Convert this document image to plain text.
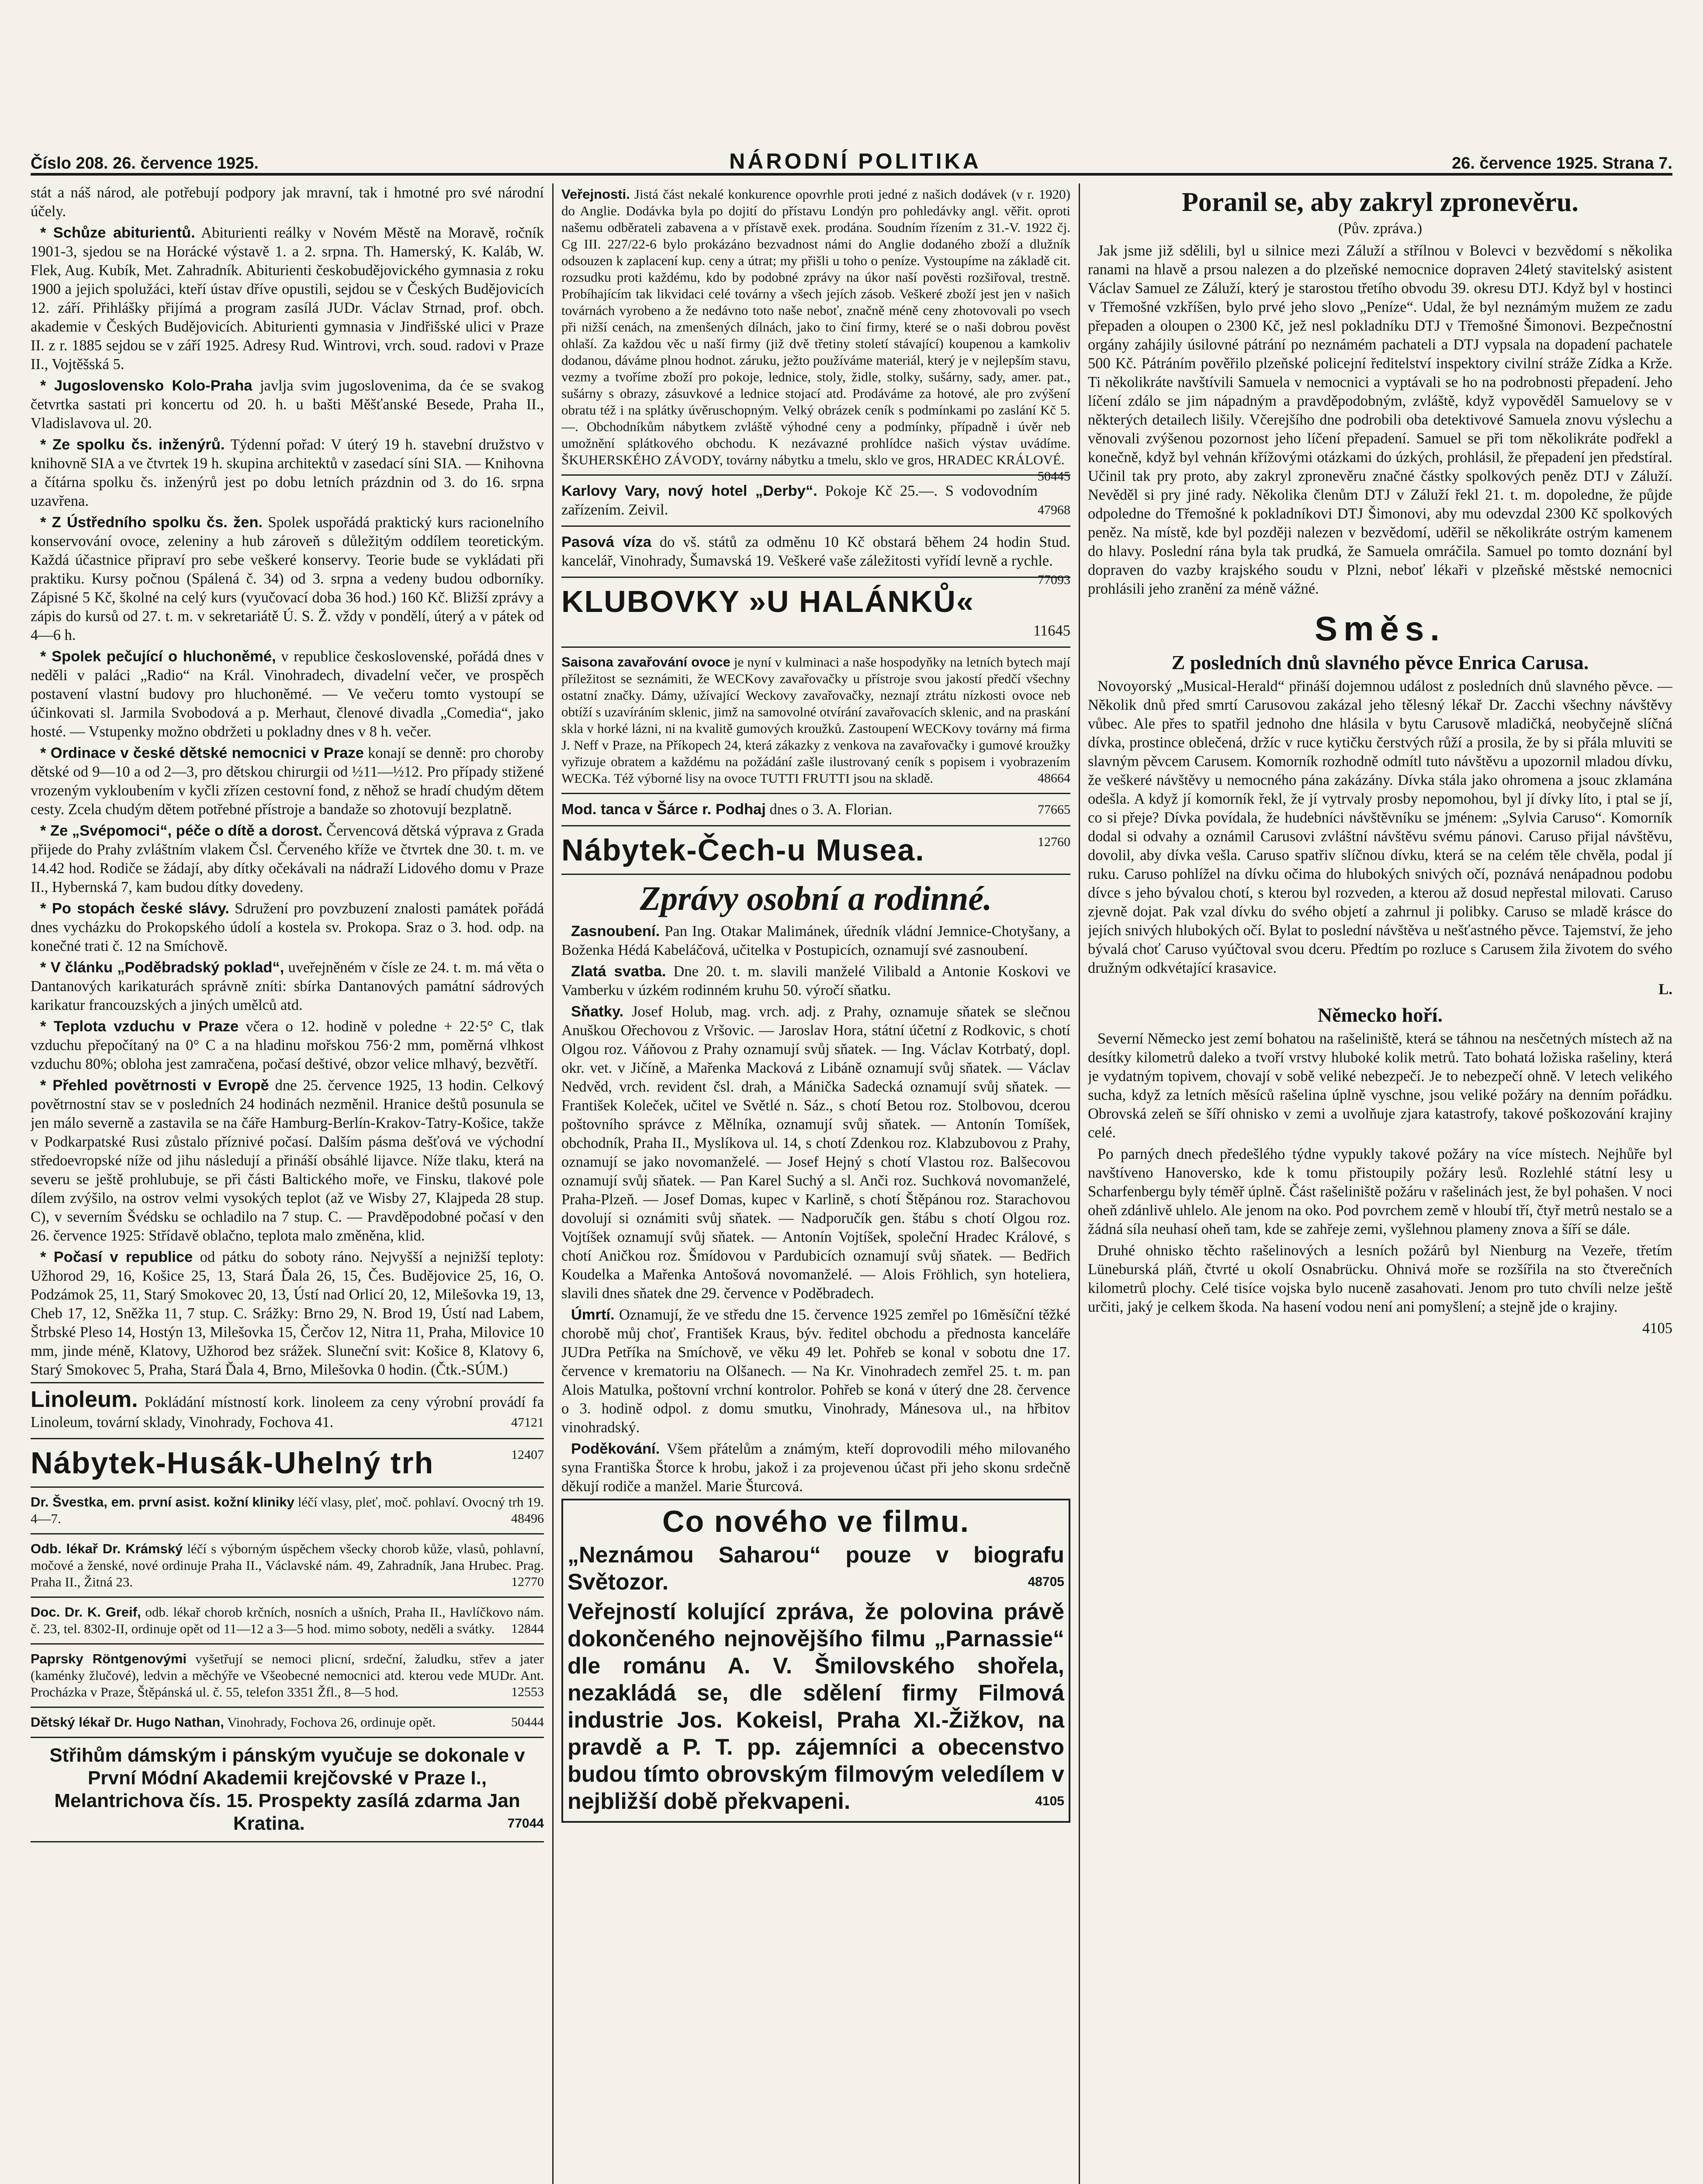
Číslo 208. 26. července 1925.	NÁRODNÍ POLITIKA	26. července 1925. Strana 7.

stát a náš národ, ale potřebují podpory jak mravní, tak i hmotné pro své národní účely.

* Schůze abiturientů. Abiturienti reálky v Novém Městě na Moravě, ročník 1901-3, sjedou se na Horácké výstavě 1. a 2. srpna. Th. Hamerský, K. Kaláb, W. Flek, Aug. Kubík, Met. Zahradník. Abiturienti českobudějovického gymnasia z roku 1900 a jejich spolužáci, kteří ústav dříve opustili, sejdou se v Českých Budějovicích 12. září. Přihlášky přijímá a program zasílá JUDr. Václav Strnad, prof. obch. akademie v Českých Budějovicích. Abiturienti gymnasia v Jindřišské ulici v Praze II. z r. 1885 sejdou se v září 1925. Adresy Rud. Wintrovi, vrch. soud. radovi v Praze II., Vojtěšská 5.

* Jugoslovensko Kolo-Praha javlja svim jugoslovenima, da će se svakog četvrtka sastati pri koncertu od 20. h. u bašti Měšťanské Besede, Praha II., Vladislavova ul. 20.

* Ze spolku čs. inženýrů. Týdenní pořad: V úterý 19 h. stavební družstvo v knihovně SIA a ve čtvrtek 19 h. skupina architektů v zasedací síni SIA. — Knihovna a čítárna spolku čs. inženýrů jest po dobu letních prázdnin od 3. do 16. srpna uzavřena.

* Z Ústředního spolku čs. žen. Spolek uspořádá praktický kurs racionelního konservování ovoce, zeleniny a hub zároveň s důležitým oddílem teoretickým. Každá účastnice připraví pro sebe veškeré konservy. Teorie bude se vykládati při praktiku. Kursy počnou (Spálená č. 34) od 3. srpna a vedeny budou odborníky. Zápisné 5 Kč, školné na celý kurs (vyučovací doba 36 hod.) 160 Kč. Bližší zprávy a zápis do kursů od 27. t. m. v sekretariátě Ú. S. Ž. vždy v pondělí, úterý a v pátek od 4—6 h.

* Spolek pečující o hluchoněmé, v republice československé, pořádá dnes v neděli v paláci „Radio“ na Král. Vinohradech, divadelní večer, ve prospěch postavení vlastní budovy pro hluchoněmé. — Ve večeru tomto vystoupí se účinkovati sl. Jarmila Svobodová a p. Merhaut, členové divadla „Comedia“, jako hosté. — Vstupenky možno obdržeti u pokladny dnes v 8 h. večer.

* Ordinace v české dětské nemocnici v Praze konají se denně: pro choroby dětské od 9—10 a od 2—3, pro dětskou chirurgii od ½11—½12. Pro případy stižené vrozeným vykloubením v kyčli zřízen cestovní fond, z něhož se hradí chudým dětem cesty. Zcela chudým dětem potřebné přístroje a bandaže so zhotovují bezplatně.

* Ze „Svépomoci“, péče o dítě a dorost. Červencová dětská výprava z Grada přijede do Prahy zvláštním vlakem Čsl. Červeného kříže ve čtvrtek dne 30. t. m. ve 14.42 hod. Rodiče se žádají, aby dítky očekávali na nádraží Lidového domu v Praze II., Hybernská 7, kam budou dítky dovedeny.

* Po stopách české slávy. Sdružení pro povzbuzení znalosti památek pořádá dnes vycházku do Prokopského údolí a kostela sv. Prokopa. Sraz o 3. hod. odp. na konečné trati č. 12 na Smíchově.

* V článku „Poděbradský poklad“, uveřejněném v čísle ze 24. t. m. má věta o Dantanových karikaturách správně zníti: sbírka Dantanových památní sádrových karikatur francouzských a jiných umělců atd.

* Teplota vzduchu v Praze včera o 12. hodině v poledne + 22·5° C, tlak vzduchu přepočítaný na 0° C a na hladinu mořskou 756·2 mm, poměrná vlhkost vzduchu 80%; obloha jest zamračena, počasí deštivé, obzor velice mlhavý, bezvětří.

* Přehled povětrnosti v Evropě dne 25. července 1925, 13 hodin. Celkový povětrnostní stav se v posledních 24 hodinách nezměnil. Hranice deštů posunula se jen málo severně a zastavila se na čáře Hamburg-Berlín-Krakov-Tatry-Košice, takže v Podkarpatské Rusi zůstalo příznivé počasí. Dalším pásma dešťová ve východní středoevropské níže od jihu následují a přináší obsáhlé lijavce. Níže tlaku, která na severu se ještě prohlubuje, se při části Baltického moře, ve Finsku, tlakové pole dílem zvýšilo, na ostrov velmi vysokých teplot (až ve Wisby 27, Klajpeda 28 stup. C), v severním Švédsku se ochladilo na 7 stup. C. — Pravděpodobné počasí v den 26. července 1925: Střídavě oblačno, teplota malo změněna, klid.

* Počasí v republice od pátku do soboty ráno. Nejvyšší a nejnižší teploty: Užhorod 29, 16, Košice 25, 13, Stará Ďala 26, 15, Čes. Budějovice 25, 16, O. Podzámok 25, 11, Starý Smokovec 20, 13, Ústí nad Orlicí 20, 12, Milešovka 19, 13, Cheb 17, 12, Sněžka 11, 7 stup. C. Srážky: Brno 29, N. Brod 19, Ústí nad Labem, Štrbské Pleso 14, Hostýn 13, Milešovka 15, Čerčov 12, Nitra 11, Praha, Milovice 10 mm, jinde méně, Klatovy, Užhorod bez srážek. Sluneční svit: Košice 8, Klatovy 6, Starý Smokovec 5, Praha, Stará Ďala 4, Brno, Milešovka 0 hodin. (Čtk.-SÚM.)

Linoleum. Pokládání místností kork. linoleem za ceny výrobní provádí fa Linoleum, tovární sklady, Vinohrady, Fochova 41.	47121

Nábytek-Husák-Uhelný trh	12407

Dr. Švestka, em. první asist. kožní kliniky léčí vlasy, pleť, moč. pohlaví. Ovocný trh 19. 4—7.	48496

Odb. lékař Dr. Krámský léčí s výborným úspěchem všecky chorob kůže, vlasů, pohlavní, močové a ženské, nové ordinuje Praha II., Václavské nám. 49, Zahradník, Jana Hrubec. Prag. Praha II., Žitná 23.	12770

Doc. Dr. K. Greif, odb. lékař chorob krčních, nosních a ušních, Praha II., Havlíčkovo nám. č. 23, tel. 8302-II, ordinuje opět od 11—12 a 3—5 hod. mimo soboty, neděli a svátky. 12844

Paprsky Röntgenovými vyšetřují se nemoci plicní, srdeční, žaludku, střev a jater (kaménky žlučové), ledvin a měchýře ve Všeobecné nemocnici atd. kterou vede MUDr. Ant. Procházka v Praze, Štěpánská ul. č. 55, telefon 3351 Žfl., 8—5 hod.	12553

Dětský lékař Dr. Hugo Nathan, Vinohrady, Fochova 26, ordinuje opět.	50444

Střihům dámským i pánským vyučuje se dokonale v První Módní Akademii krejčovské v Praze I., Melantrichova čís. 15. Prospekty zasílá zdarma Jan Kratina.	77044

Veřejnosti. Jistá část nekalé konkurence opovrhle proti jedné z našich dodávek (v r. 1920) do Anglie. Dodávka byla po dojití do přístavu Londýn pro pohledávky angl. věřit. oproti našemu odběrateli zabavena a v přístavě exek. prodána. Soudním řízením z 31.-V. 1922 čj. Cg III. 227/22-6 bylo prokázáno bezvadnost námi do Anglie dodaného zboží a dlužník odsouzen k zaplacení kup. ceny a útrat; my přišli u toho o peníze. Vystoupíme na základě cit. rozsudku proti každému, kdo by podobné zprávy na úkor naší pověsti rozšiřoval, trestně. Probíhajícím tak likvidaci celé továrny a všech jejích zásob. Veškeré zboží jest jen v našich továrnách vyrobeno a že nedávno toto naše neboť, značně méně ceny zhotovovali po vsech při nižší cenách, na zmenšených dílnách, jako to činí firmy, které se o naši dobrou pověst ohlaší. Za každou věc u naší firmy (již dvě třetiny století stávající) koupenou a kamkoliv dodanou, dáváme plnou hodnot. záruku, ježto používáme materiál, který je v nejlepším stavu, vezmy a tvoříme zboží pro pokoje, lednice, stoly, židle, stolky, sušárny, sady, amer. pat., sušárny s obrazy, zásuvkové a lednice stojací atd. Prodáváme za hotové, ale pro zvýšení obratu též i na splátky úvěruschopným. Velký obrázek ceník s podmínkami po zaslání Kč 5.—. Obchodníkům nábytkem zvláště výhodné ceny a podmínky, případně i úvěr neb umožnění splátkového obchodu. K nezávazné prohlídce našich výstav uvádíme. ŠKUHERSKÉHO ZÁVODY, továrny nábytku a tmelu, sklo ve gros, HRADEC KRÁLOVÉ.
50445

Karlovy Vary, nový hotel „Derby“. Pokoje Kč 25.—. S vodovodním zařízením. Zeivil.	47968

Pasová víza do vš. států za odměnu 10 Kč obstará během 24 hodin Stud. kancelář, Vinohrady, Šumavská 19. Veškeré vaše záležitosti vyřídí levně a rychle.
77093

KLUBOVKY »U HALÁNKŮ«

11645

Saisona zavařování ovoce je nyní v kulminaci a naše hospodyňky na letních bytech mají příležitost se seznámiti, že WECKovy zavařovačky u přístroje svou jakostí předčí všechny ostatní značky. Dámy, užívající Weckovy zavařovačky, neznají ztrátu nízkosti ovoce neb obtíží s uzavíráním sklenic, jimž na samovolné otvírání zavařovacích sklenic, and na praskání skla v horké lázni, ni na kvalitě gumových kroužků. Zastoupení WECKovy továrny má firma J. Neff v Praze, na Příkopech 24, která zákazky z venkova na zavařovačky i gumové kroužky vyřizuje obratem a každému na požádání zašle ilustrovaný ceník s popisem i vyobrazením WECKa. Též výborné lisy na ovoce TUTTI FRUTTI jsou na skladě.	48664

Mod. tanca v Šárce r. Podhaj dnes o 3. A. Florian.	77665

Nábytek-Čech-u Musea.	12760

Zprávy osobní a rodinné.

Zasnoubení. Pan Ing. Otakar Malimánek, úředník vládní Jemnice-Chotyšany, a Boženka Hédá Kabeláčová, učitelka v Postupicích, oznamují své zasnoubení.

Zlatá svatba. Dne 20. t. m. slavili manželé Vilibald a Antonie Koskovi ve Vamberku v úzkém rodinném kruhu 50. výročí sňatku.

Sňatky. Josef Holub, mag. vrch. adj. z Prahy, oznamuje sňatek se slečnou Anuškou Ořechovou z Vršovic. — Jaroslav Hora, státní účetní z Rodkovic, s chotí Olgou roz. Váňovou z Prahy oznamují svůj sňatek. — Ing. Václav Kotrbatý, dopl. okr. vet. v Jičíně, a Mařenka Macková z Libáně oznamují svůj sňatek. — Václav Nedvěd, vrch. revident čsl. drah, a Mánička Sadecká oznamují svůj sňatek. — František Koleček, učitel ve Světlé n. Sáz., s chotí Betou roz. Stolbovou, dcerou poštovního správce z Mělníka, oznamují svůj sňatek. — Antonín Tomíšek, obchodník, Praha II., Myslíkova ul. 14, s chotí Zdenkou roz. Klabzubovou z Prahy, oznamují se jako novomanželé. — Josef Hejný s chotí Vlastou roz. Balšecovou oznamují svůj sňatek. — Pan Karel Suchý a sl. Anči roz. Suchková novomanželé, Praha-Plzeň. — Josef Domas, kupec v Karlině, s chotí Štěpánou roz. Starachovou dovolují si oznámiti svůj sňatek. — Nadporučík gen. štábu s chotí Olgou roz. Vojtíšek oznamují svůj sňatek. — Antonín Vojtíšek, společní Hradec Králové, s chotí Aničkou roz. Šmídovou v Pardubicích oznamují svůj sňatek. — Bedřich Koudelka a Mařenka Antošová novomanželé. — Alois Fröhlich, syn hoteliera, slavili dnes sňatek dne 29. července v Poděbradech.

Úmrtí. Oznamují, že ve středu dne 15. července 1925 zemřel po 16měsíční těžké chorobě můj choť, František Kraus, býv. ředitel obchodu a přednosta kanceláře JUDra Petříka na Smíchově, ve věku 49 let. Pohřeb se konal v sobotu dne 17. července v krematoriu na Olšanech. — Na Kr. Vinohradech zemřel 25. t. m. pan Alois Matulka, poštovní vrchní kontrolor. Pohřeb se koná v úterý dne 28. července o 3. hodině odpol. z domu smutku, Vinohrady, Mánesova ul., na hřbitov vinohradský.

Poděkování. Všem přátelům a známým, kteří doprovodili mého milovaného syna Františka Štorce k hrobu, jakož i za projevenou účast při jeho skonu srdečně děkují rodiče a manžel. Marie Šturcová.

Co nového ve filmu.

„Neznámou Saharou“ pouze v biografu Světozor.	48705

Veřejností kolující zpráva, že polovina právě dokončeného nejnovějšího filmu „Parnassie“ dle románu A. V. Šmilovského shořela, nezakládá se, dle sdělení firmy Filmová industrie Jos. Kokeisl, Praha XI.-Žižkov, na pravdě a P. T. pp. zájemníci a obecenstvo budou tímto obrovským filmovým veledílem v nejbližší době překvapeni.	4105

Poranil se, aby zakryl zpronevěru.

(Pův. zpráva.)

Jak jsme již sdělili, byl u silnice mezi Záluží a střílnou v Bolevci v bezvědomí s několika ranami na hlavě a prsou nalezen a do plzeňské nemocnice dopraven 24letý stavitelský asistent Václav Samuel ze Záluží, který je starostou třetího obvodu 39. okresu DTJ. Když byl v hostinci v Třemošné vzkříšen, bylo prvé jeho slovo „Peníze“. Udal, že byl neznámým mužem ze zadu přepaden a oloupen o 2300 Kč, jež nesl pokladníku DTJ v Třemošné Šimonovi. Bezpečnostní orgány zahájily úsilovné pátrání po neznámém pachateli a DTJ vypsala na dopadení pachatele 500 Kč. Pátráním pověřilo plzeňské policejní ředitelství inspektory civilní stráže Zídka a Krže. Ti několikráte navštívili Samuela v nemocnici a vyptávali se ho na podrobnosti přepadení. Jeho líčení zdálo se jim nápadným a pravděpodobným, zvláště, když vypověděl Samuelovy se v některých detailech lišily. Včerejšího dne podrobili oba detektivové Samuela znovu výslechu a věnovali zvýšenou pozornost jeho líčení přepadení. Samuel se při tom několikráte podřekl a konečně, když byl vehnán křížovými otázkami do úzkých, prohlásil, že přepadení jen předstíral. Učinil tak pry proto, aby zakryl zpronevěru značné částky spolkových peněz DTJ v Záluží. Nevěděl si pry jiné rady. Několika členům DTJ v Záluží řekl 21. t. m. dopoledne, že půjde odpoledne do Třemošné k pokladníkovi DTJ Šimonovi, aby mu odevzdal 2300 Kč spolkových peněz. Na místě, kde byl později nalezen v bezvědomí, uděřil se několikráte ostrým kamenem do hlavy. Poslední rána byla tak prudká, že Samuela omráčila. Samuel po tomto doznání byl dopraven do vazby krajského soudu v Plzni, neboť lékaři v plzeňské městské nemocnici prohlásili jeho zranění za méně vážné.

Směs.
Z posledních dnů slavného pěvce Enrica Carusa.

Novoyorský „Musical-Herald“ přináší dojemnou událost z posledních dnů slavného pěvce. — Několik dnů před smrtí Carusovou zakázal jeho tělesný lékař Dr. Zacchi všechny návštěvy vůbec. Ale přes to spatřil jednoho dne hlásila v bytu Carusově mladičká, neobyčejně slíčná dívka, prostince oblečená, držíc v ruce kytičku čerstvých růží a prosila, že by si přála mluviti se slavným pěvcem Carusem. Komorník rozhodně odmítl tuto návštěvu a upozornil mladou dívku, že veškeré návštěvy u nemocného pána zakázány. Dívka stála jako ohromena a jsouc zklamána odešla. A když jí komorník řekl, že jí vytrvaly prosby nepomohou, byl jí dívky líto, i ptal se jí, co si přeje? Dívka povídala, že hudebníci návštěvníku se jménem: „Sylvia Caruso“. Komorník dodal si odvahy a oznámil Carusovi zvláštní návštěvu svému pánovi. Caruso přijal návštěvu, dovolil, aby dívka vešla. Caruso spatřiv slíčnou dívku, která se na celém těle chvěla, podal jí ruku. Caruso pohlížel na dívku očima do hlubokých snivých očí, poznává nenápadnou podobu dívce s jeho bývalou chotí, s kterou byl rozveden, a kterou až dosud nepřestal milovati. Caruso zjevně dojat. Pak vzal dívku do svého objetí a zahrnul ji polibky. Caruso se mladě krásce do jejích snivých hlubokých očí. Bylat to poslední návštěva u nešťastného pěvce. Tajemství, že jeho bývalá choť Caruso vyúčtoval svou dceru. Předtím po rozluce s Carusem žila životem do svého družným odkvétající krasavice.

L.

Německo hoří.

Severní Německo jest zemí bohatou na rašeliniště, která se táhnou na nesčetných místech až na desítky kilometrů daleko a tvoří vrstvy hluboké kolik metrů. Tato bohatá ložiska rašeliny, která je vydatným topivem, chovají v sobě veliké nebezpečí. Je to nebezpečí ohně. V letech velikého sucha, když za letních měsíců rašelina úplně vyschne, jsou veliké požáry na denním pořádku. Obrovská zeleň se šíří ohnisko v zemi a uvolňuje zjara katastrofy, takové poškozování krajiny celé.

Po parných dnech předešlého týdne vypukly takové požáry na více místech. Nejhůře byl navštíveno Hanoversko, kde k tomu přistoupily požáry lesů. Rozlehlé státní lesy u Scharfenbergu byly téměř úplně. Část rašeliniště požáru v rašelinách jest, že byl pohašen. V noci oheň zdánlivě uhlelo. Ale jenom na oko. Pod povrchem země v hloubí tří, čtyř metrů nestalo se a žádná síla neuhasí oheň tam, kde se zahřeje zemi, vyšlehnou plameny znova a šíří se dále.

Druhé ohnisko těchto rašelinových a lesních požárů byl Nienburg na Vezeře, třetím Lüneburská pláň, čtvrté u okolí Osnabrücku. Ohnivá moře se rozšířila na sto čtverečních kilometrů plochy. Celé tisíce vojska bylo nuceně zasahovati. Jenom pro tuto chvíli nelze ještě určiti, jaký je celkem škoda. Na hasení vodou není ani pomyšlení; a stejně jde o krajiny.

4105
